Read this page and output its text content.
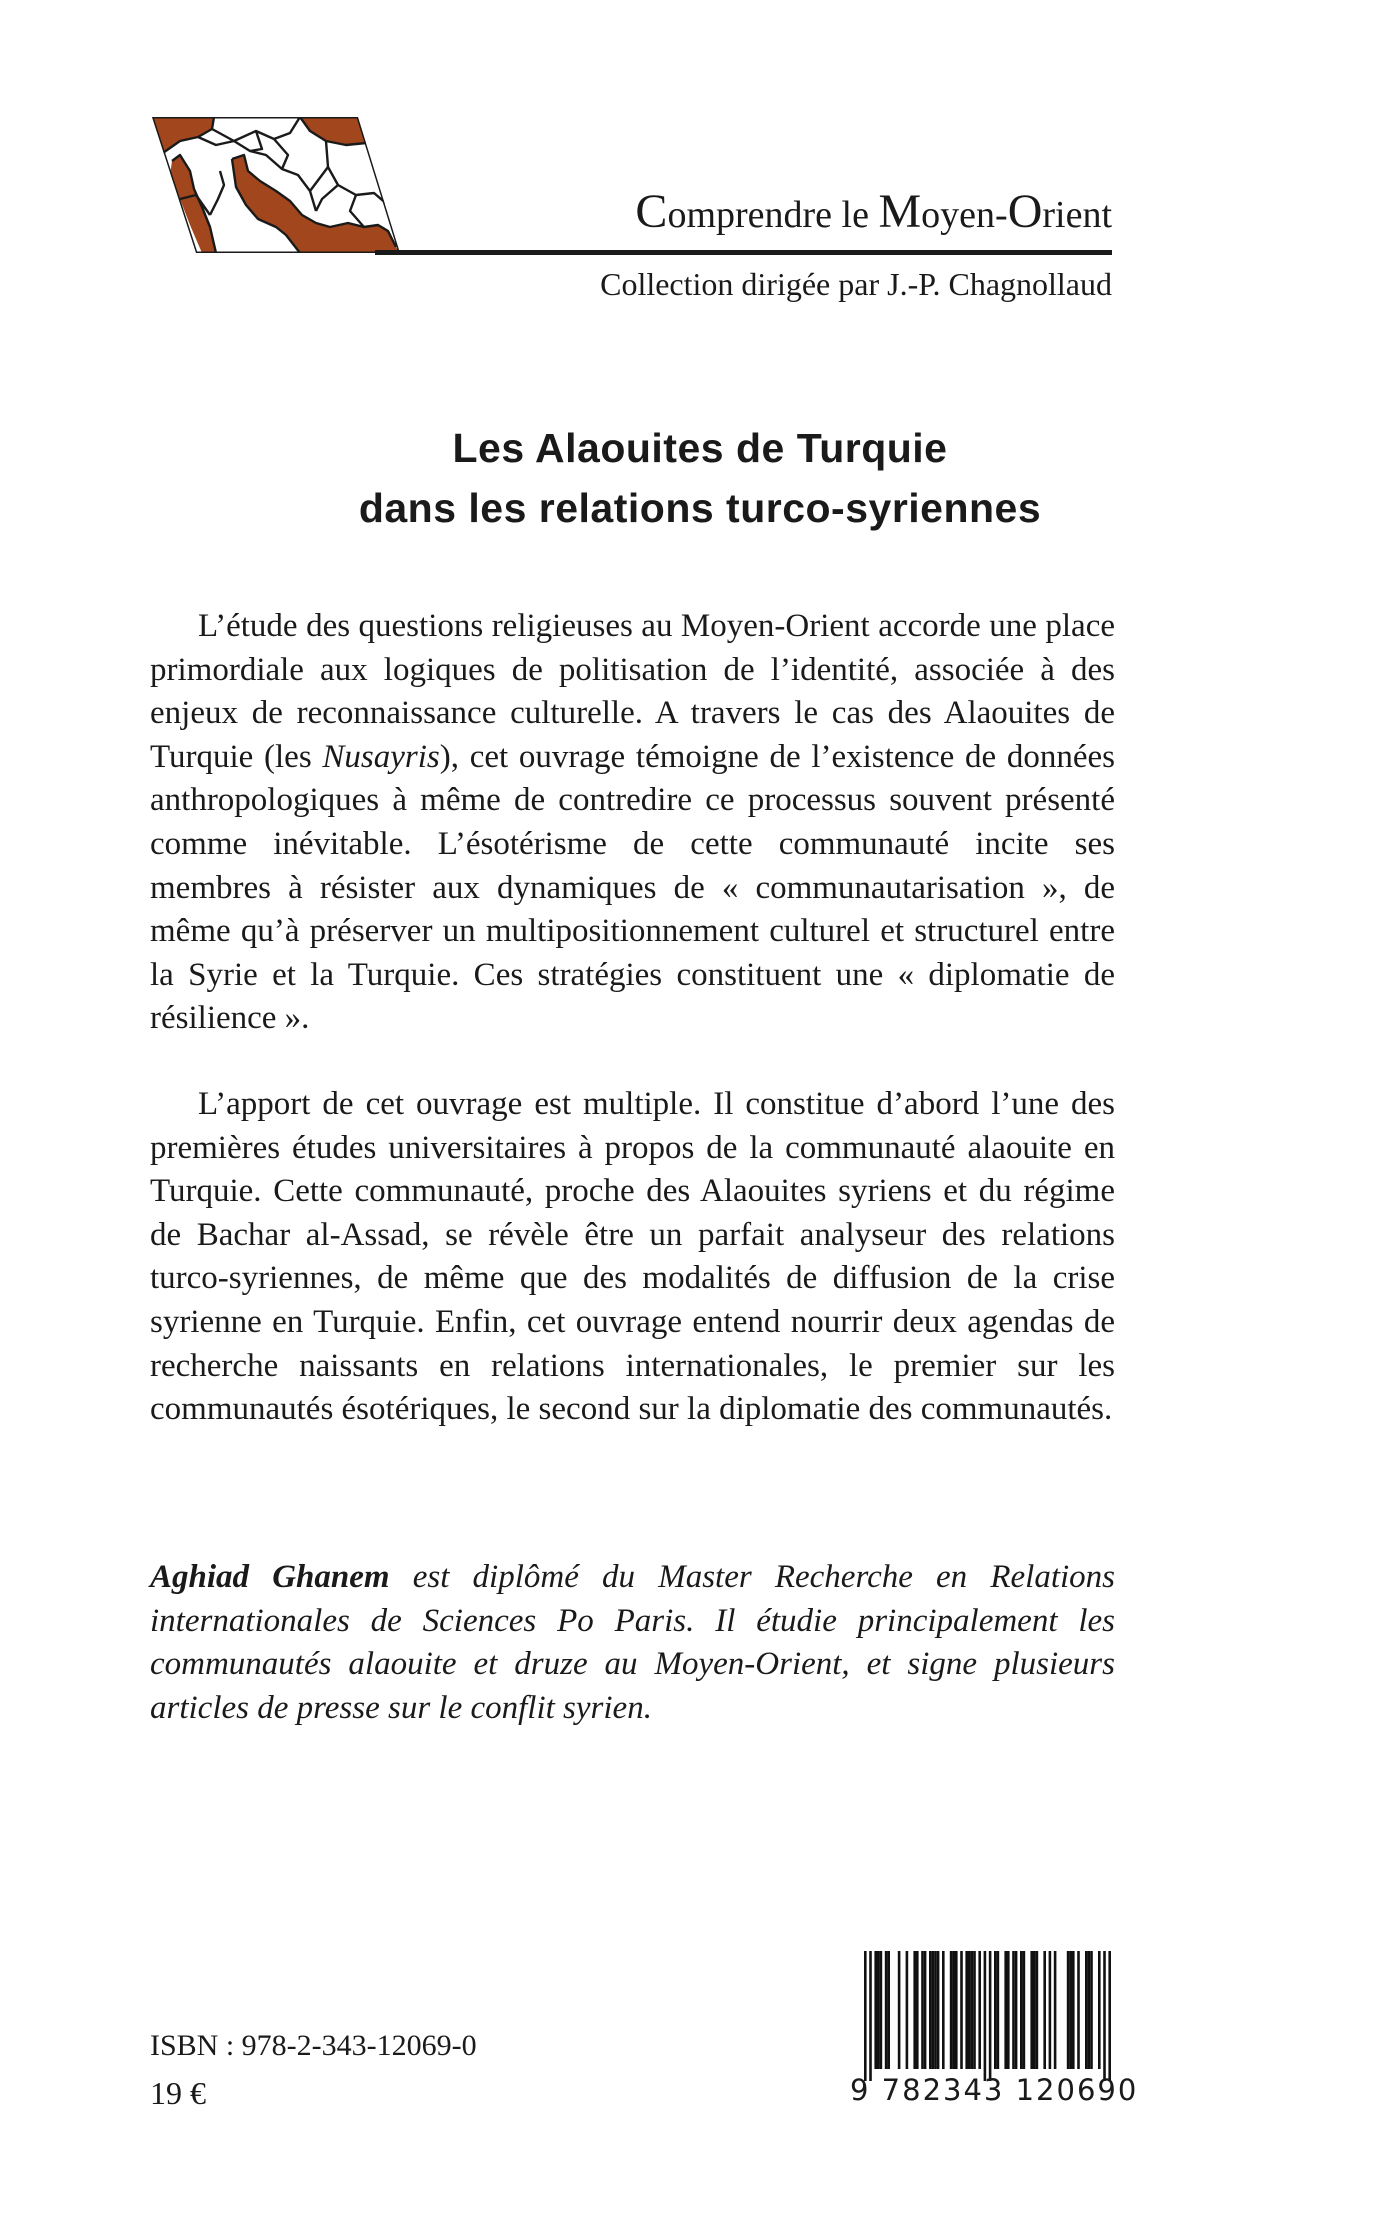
Comprendre le Moyen-Orient
Collection dirigée par J.-P. Chagnollaud
Les Alaouites de Turquie
dans les relations turco-syriennes

L’étude des questions religieuses au Moyen-Orient accorde une place primordiale aux logiques de politisation de l’identité, associée à des enjeux de reconnaissance culturelle. A travers le cas des Alaouites de Turquie (les Nusayris), cet ouvrage témoigne de l’existence de données anthropologiques à même de contredire ce processus souvent présenté comme inévitable. L’ésotérisme de cette communauté incite ses membres à résister aux dynamiques de « communautarisation », de même qu’à préserver un multipositionnement culturel et structurel entre la Syrie et la Turquie. Ces stratégies constituent une « diplomatie de résilience ».

L’apport de cet ouvrage est multiple. Il constitue d’abord l’une des premières études universitaires à propos de la communauté alaouite en Turquie. Cette communauté, proche des Alaouites syriens et du régime de Bachar al-Assad, se révèle être un parfait analyseur des relations turco-syriennes, de même que des modalités de diffusion de la crise syrienne en Turquie. Enfin, cet ouvrage entend nourrir deux agendas de recherche naissants en relations internationales, le premier sur les communautés ésotériques, le second sur la diplomatie des communautés.

Aghiad Ghanem est diplômé du Master Recherche en Relations internationales de Sciences Po Paris. Il étudie principalement les communautés alaouite et druze au Moyen-Orient, et signe plusieurs articles de presse sur le conflit syrien.

ISBN : 978-2-343-12069-0
19 €	9 782343 120690
